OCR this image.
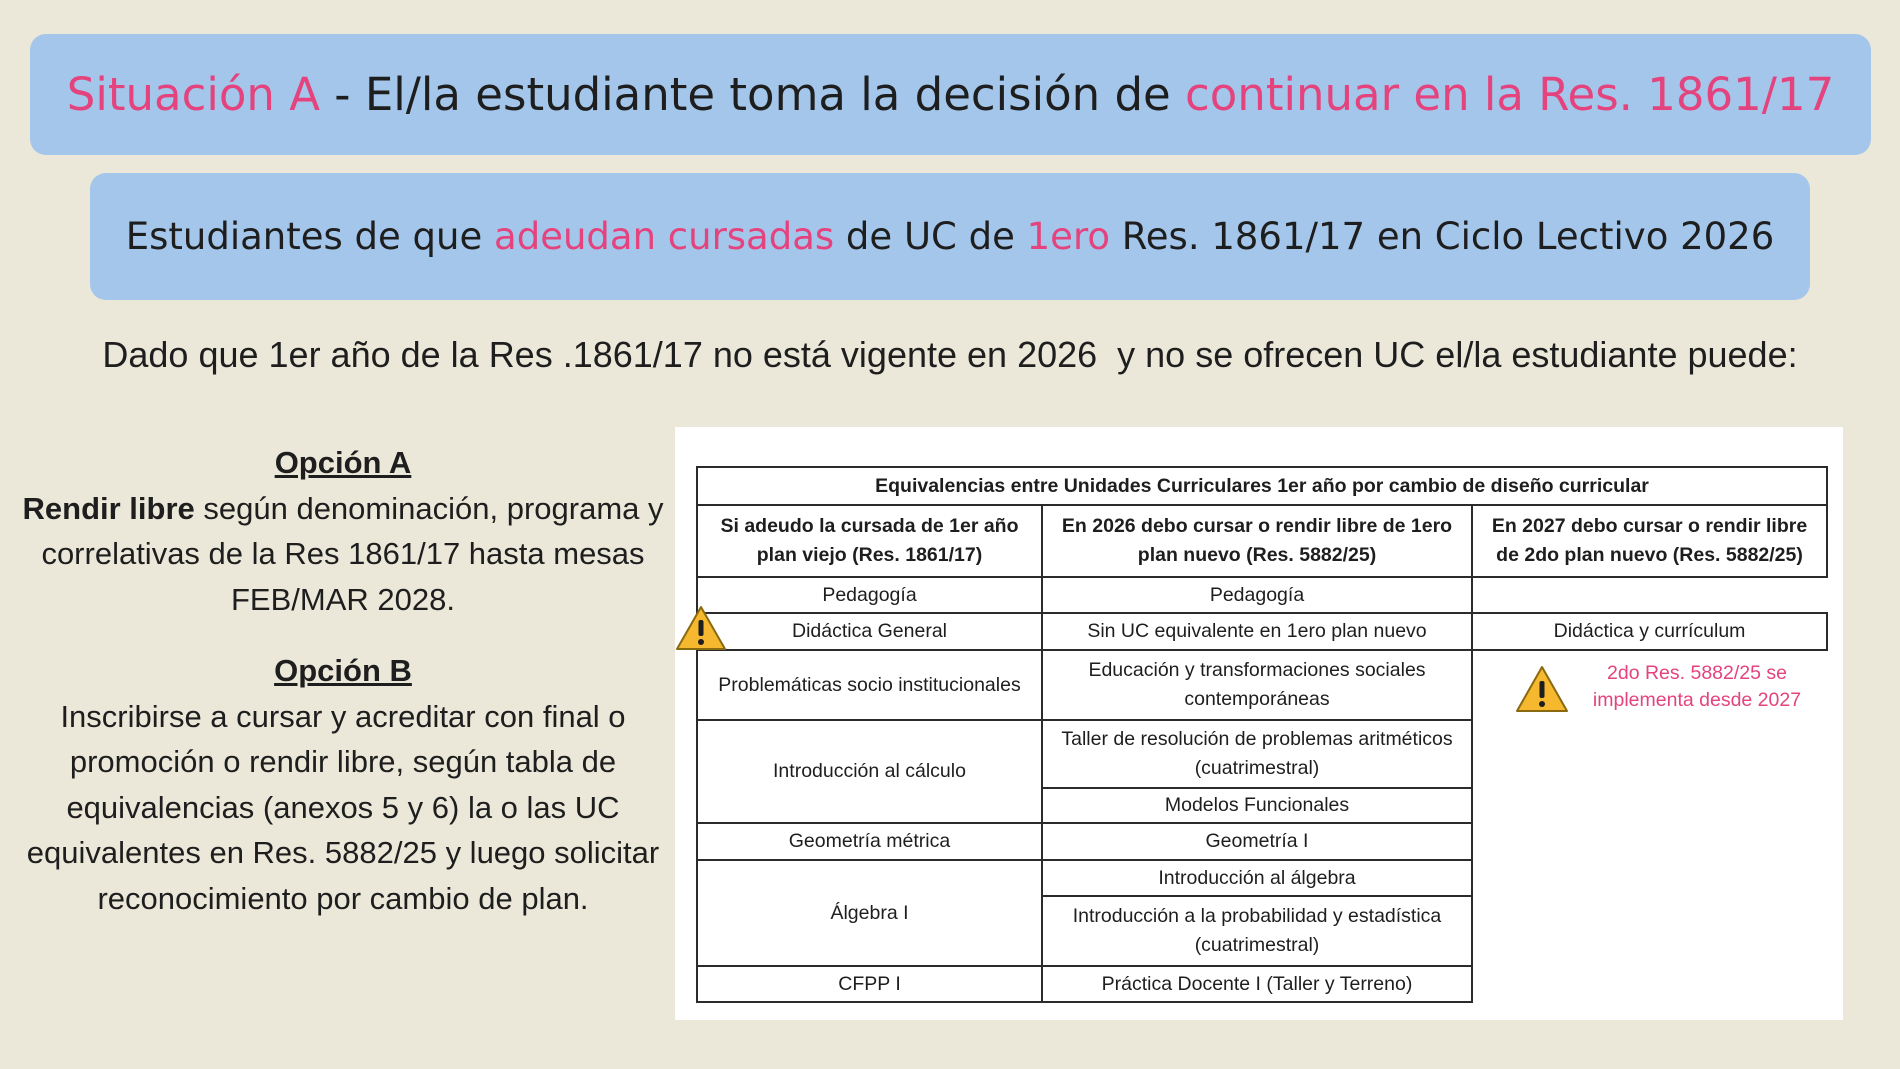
Situación A - El/la estudiante toma la decisión de continuar en la Res. 1861/17
Estudiantes de que adeudan cursadas de UC de 1ero Res. 1861/17 en Ciclo Lectivo 2026
Dado que 1er año de la Res .1861/17 no está vigente en 2026  y no se ofrecen UC el/la estudiante puede:
Opción A
Rendir libre según denominación, programa y correlativas de la Res 1861/17 hasta mesas FEB/MAR 2028.
Opción B
Inscribirse a cursar y acreditar con final o promoción o rendir libre, según tabla de equivalencias (anexos 5 y 6) la o las UC equivalentes en Res. 5882/25 y luego solicitar reconocimiento por cambio de plan.
Equivalencias entre Unidades Curriculares 1er año por cambio de diseño curricular		
Si adeudo la cursada de 1er año plan viejo (Res. 1861/17)	En 2026 debo cursar o rendir libre de 1ero plan nuevo (Res. 5882/25)	En 2027 debo cursar o rendir libre de 2do plan nuevo (Res. 5882/25)
Pedagogía	Pedagogía	
Didáctica General	Sin UC equivalente en 1ero plan nuevo	Didáctica y currículum
Problemáticas socio institucionales	Educación y transformaciones sociales contemporáneas	
Introducción al cálculo	Taller de resolución de problemas aritméticos (cuatrimestral)	
	Modelos Funcionales	
Geometría métrica	Geometría I	
Álgebra I	Introducción al álgebra	
	Introducción a la probabilidad y estadística (cuatrimestral)	
CFPP I	Práctica Docente I (Taller y Terreno)	
2do Res. 5882/25 se implementa desde 2027
